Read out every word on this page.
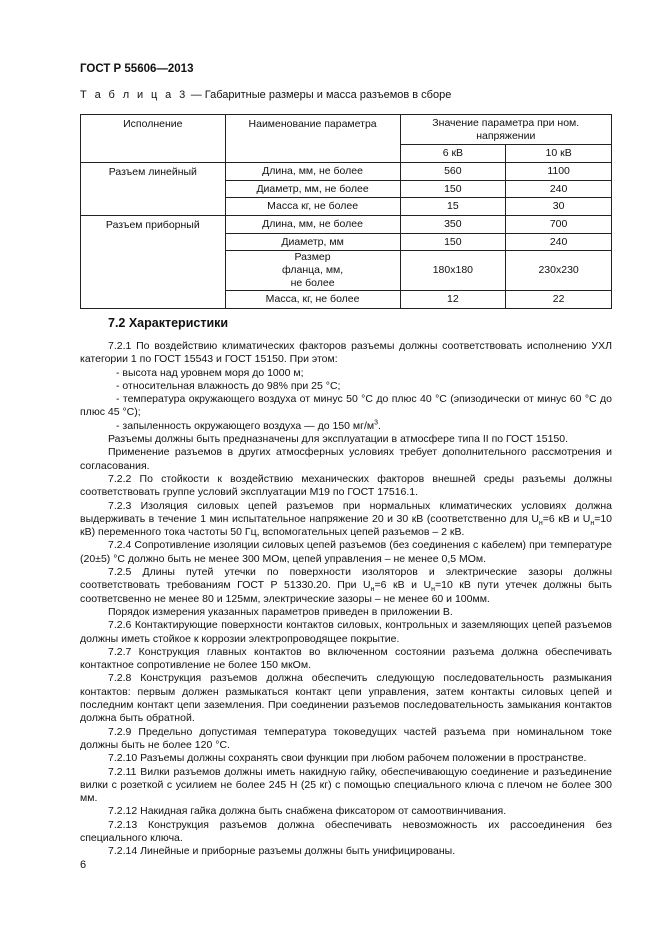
ГОСТ Р 55606—2013
Т а б л и ц а 3 — Габаритные размеры и масса разъемов в сборе
Исполнение	Наименование параметра	Значение параметра при ном. напряжении	
		6 кВ	10 кВ
Разъем линейный	Длина, мм, не более	560	1100
	Диаметр, мм, не более	150	240
	Масса кг, не более	15	30
Разъем приборный	Длина, мм, не более	350	700
	Диаметр, мм	150	240
	Размер фланца, мм, не более	180x180	230x230
	Масса, кг, не более	12	22
7.2 Характеристики

7.2.1 По воздействию климатических факторов разъемы должны соответствовать исполнению УХЛ категории 1 по ГОСТ 15543 и ГОСТ 15150. При этом:

- высота над уровнем моря до 1000 м;

- относительная влажность до 98% при 25 °С;

- температура окружающего воздуха от минус 50 °С до плюс 40 °С (эпизодически от минус 60 °С до плюс 45 °С);

- запыленность окружающего воздуха — до 150 $мг/м^3$.

Разъемы должны быть предназначены для эксплуатации в атмосфере типа II по ГОСТ 15150.

Применение разъемов в других атмосферных условиях требует дополнительного рассмотрения и согласования.

7.2.2 По стойкости к воздействию механических факторов внешней среды разъемы должны соответствовать группе условий эксплуатации М19 по ГОСТ 17516.1.

7.2.3 Изоляция силовых цепей разъемов при нормальных климатических условиях должна выдерживать в течение 1 мин испытательное напряжение 20 и 30 кВ (соответственно для $U_н=6$ кВ и $U_н=10$ кВ) переменного тока частоты 50 Гц, вспомогательных цепей разъемов – 2 кВ.

7.2.4 Сопротивление изоляции силовых цепей разъемов (без соединения с кабелем) при температуре (20±5) °С должно быть не менее 300 МОм, цепей управления – не менее 0,5 МОм.

7.2.5 Длины путей утечки по поверхности изоляторов и электрические зазоры должны соответствовать требованиям ГОСТ Р 51330.20. При $U_н=6$ кВ и $U_н=10$ кВ пути утечек должны быть соответсвенно не менее 80 и 125мм, электрические зазоры – не менее 60 и 100мм.

Порядок измерения указанных параметров приведен в приложении В.

7.2.6 Контактирующие поверхности контактов силовых, контрольных и заземляющих цепей разъемов должны иметь стойкое к коррозии электропроводящее покрытие.

7.2.7 Конструкция главных контактов во включенном состоянии разъема должна обеспечивать контактное сопротивление не более 150 мкОм.

7.2.8 Конструкция разъемов должна обеспечить следующую последовательность размыкания контактов: первым должен размыкаться контакт цепи управления, затем контакты силовых цепей и последним контакт цепи заземления. При соединении разъемов последовательность замыкания контактов должна быть обратной.

7.2.9 Предельно допустимая температура токоведущих частей разъема при номинальном токе должны быть не более 120 °С.

7.2.10 Разъемы должны сохранять свои функции при любом рабочем положении в пространстве.

7.2.11 Вилки разъемов должны иметь накидную гайку, обеспечивающую соединение и разъединение вилки с розеткой с усилием не более 245 Н (25 кг) с помощью специального ключа с плечом не более 300 мм.

7.2.12 Накидная гайка должна быть снабжена фиксатором от самоотвинчивания.

7.2.13 Конструкция разъемов должна обеспечивать невозможность их рассоединения без специального ключа.

7.2.14 Линейные и приборные разъемы должны быть унифицированы.

6
